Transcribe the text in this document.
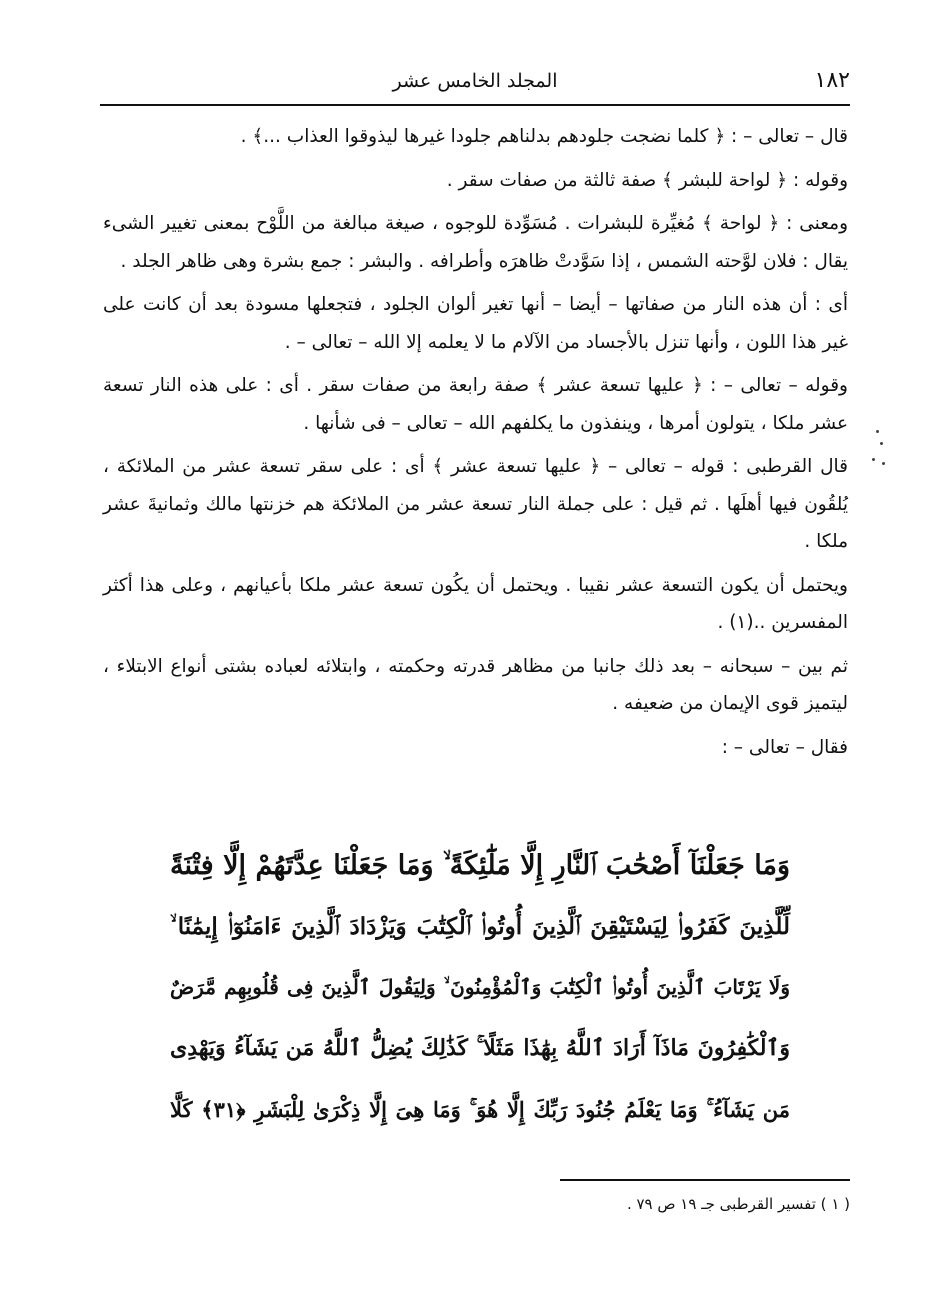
١٨٢
المجلد الخامس عشر

قال – تعالى – : ﴿ كلما نضجت جلودهم بدلناهم جلودا غيرها ليذوقوا العذاب ...﴾ .

وقوله : ﴿ لواحة للبشر ﴾ صفة ثالثة من صفات سقر .

ومعنى : ﴿ لواحة ﴾ مُغيِّرة للبشرات . مُسَوِّدة للوجوه ، صيغة مبالغة من اللَّوْح بمعنى تغيير الشىء يقال : فلان لوَّحته الشمس ، إذا سَوَّدتْ ظاهرَه وأطرافه . والبشر : جمع بشرة وهى ظاهر الجلد .

أى : أن هذه النار من صفاتها – أيضا – أنها تغير ألوان الجلود ، فتجعلها مسودة بعد أن كانت على غير هذا اللون ، وأنها تنزل بالأجساد من الآلام ما لا يعلمه إلا الله – تعالى – .

وقوله – تعالى – : ﴿ عليها تسعة عشر ﴾ صفة رابعة من صفات سقر . أى : على هذه النار تسعة عشر ملكا ، يتولون أمرها ، وينفذون ما يكلفهم الله – تعالى – فى شأنها .

قال القرطبى : قوله – تعالى – ﴿ عليها تسعة عشر ﴾ أى : على سقر تسعة عشر من الملائكة ، يُلقُون فيها أهلَها . ثم قيل : على جملة النار تسعة عشر من الملائكة هم خزنتها مالك وثمانيةَ عشر ملكا .

ويحتمل أن يكون التسعة عشر نقيبا . ويحتمل أن يكُون تسعة عشر ملكا بأعيانهم ، وعلى هذا أكثر المفسرين ..(١) .

ثم بين – سبحانه – بعد ذلك جانبا من مظاهر قدرته وحكمته ، وابتلائه لعباده بشتى أنواع الابتلاء ، ليتميز قوى الإيمان من ضعيفه .

فقال – تعالى – :

وَمَا جَعَلْنَآ أَصْحَٰبَ ٱلنَّارِ إِلَّا مَلَٰٓئِكَةً ۙ وَمَا جَعَلْنَا عِدَّتَهُمْ إِلَّا فِتْنَةً
لِّلَّذِينَ كَفَرُوا۟ لِيَسْتَيْقِنَ ٱلَّذِينَ أُوتُوا۟ ٱلْكِتَٰبَ وَيَزْدَادَ ٱلَّذِينَ ءَامَنُوٓا۟ إِيمَٰنًا ۙ
وَلَا يَرْتَابَ ٱلَّذِينَ أُوتُوا۟ ٱلْكِتَٰبَ وَٱلْمُؤْمِنُونَ ۙ وَلِيَقُولَ ٱلَّذِينَ فِى قُلُوبِهِم مَّرَضٌ
وَٱلْكَٰفِرُونَ مَاذَآ أَرَادَ ٱللَّهُ بِهَٰذَا مَثَلًا ۚ كَذَٰلِكَ يُضِلُّ ٱللَّهُ مَن يَشَآءُ وَيَهْدِى
مَن يَشَآءُ ۚ وَمَا يَعْلَمُ جُنُودَ رَبِّكَ إِلَّا هُوَ ۚ وَمَا هِىَ إِلَّا ذِكْرَىٰ لِلْبَشَرِ ﴿٣١﴾ كَلَّا
( ١ ) تفسير القرطبى جـ ١٩ ص ٧٩ .
